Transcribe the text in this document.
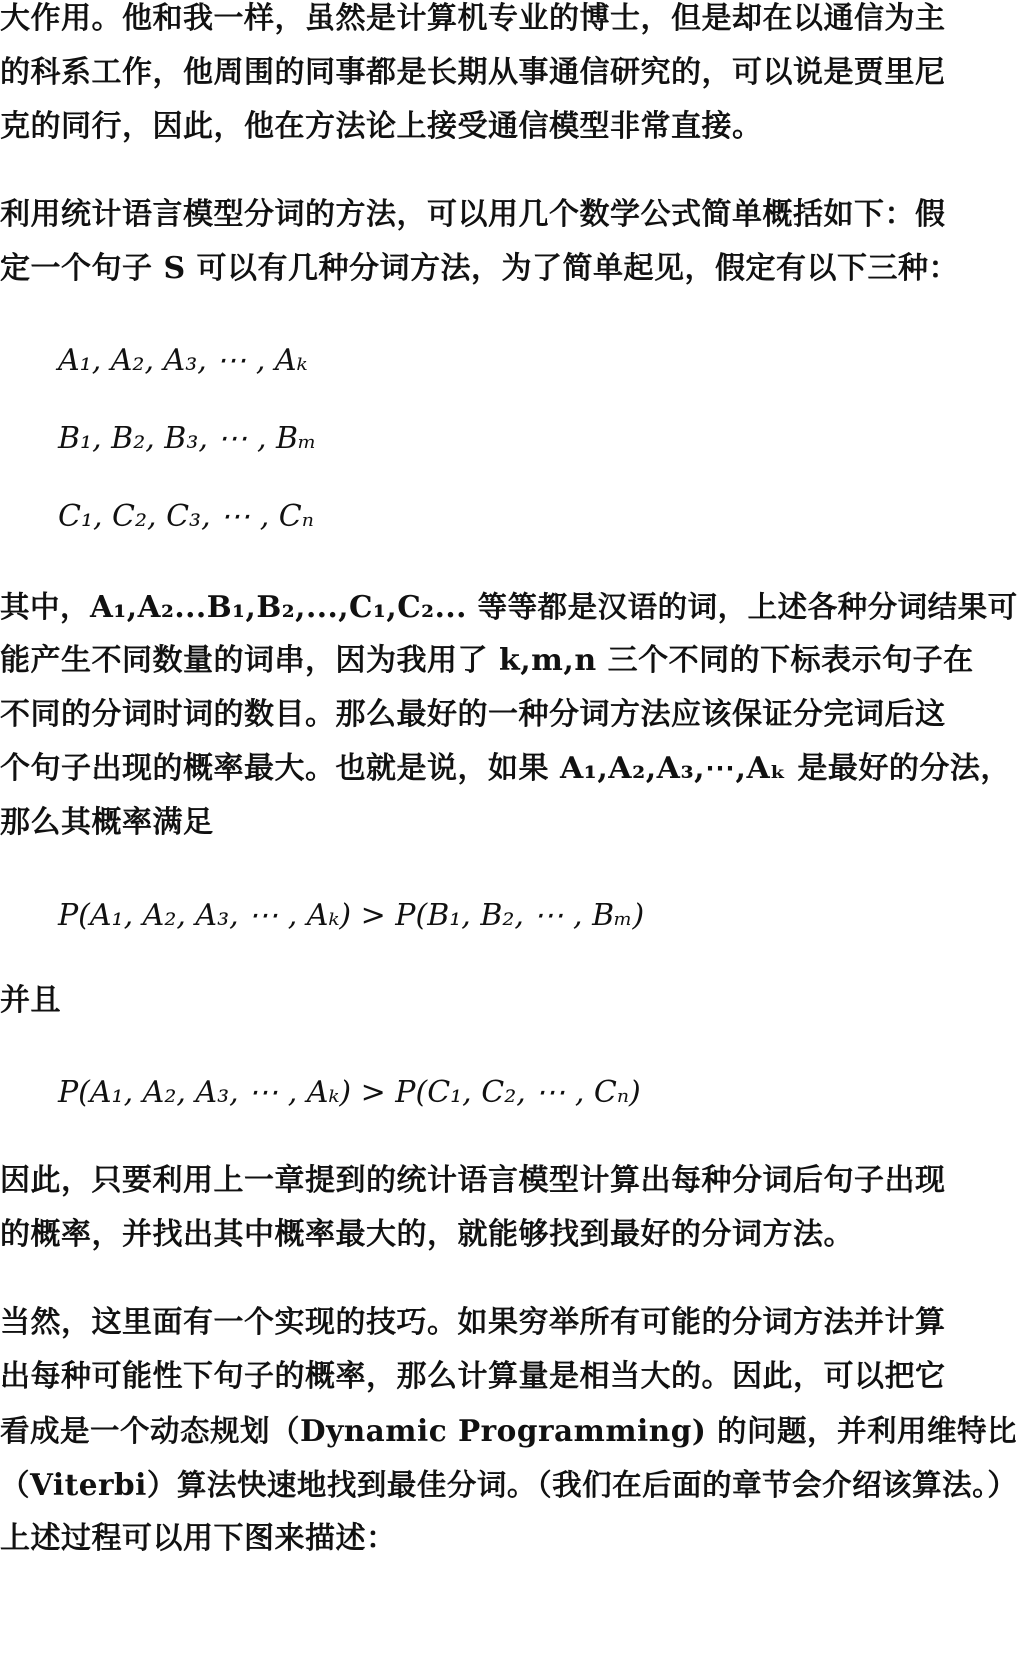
大作用。他和我一样，虽然是计算机专业的博士，但是却在以通信为主

的科系工作，他周围的同事都是长期从事通信研究的，可以说是贾里尼

克的同行，因此，他在方法论上接受通信模型非常直接。

利用统计语言模型分词的方法，可以用几个数学公式简单概括如下：假

定一个句子 S 可以有几种分词方法，为了简单起见，假定有以下三种：

A₁, A₂, A₃, ⋯ , Aₖ
B₁, B₂, B₃, ⋯ , Bₘ
C₁, C₂, C₃, ⋯ , Cₙ

其中，A₁,A₂...B₁,B₂,...,C₁,C₂... 等等都是汉语的词，上述各种分词结果可

能产生不同数量的词串，因为我用了 k,m,n 三个不同的下标表示句子在

不同的分词时词的数目。那么最好的一种分词方法应该保证分完词后这

个句子出现的概率最大。也就是说，如果 A₁,A₂,A₃,⋯,Aₖ 是最好的分法，

那么其概率满足

P(A₁, A₂, A₃, ⋯ , Aₖ) > P(B₁, B₂, ⋯ , Bₘ)

并且

P(A₁, A₂, A₃, ⋯ , Aₖ) > P(C₁, C₂, ⋯ , Cₙ)

因此，只要利用上一章提到的统计语言模型计算出每种分词后句子出现

的概率，并找出其中概率最大的，就能够找到最好的分词方法。

当然，这里面有一个实现的技巧。如果穷举所有可能的分词方法并计算

出每种可能性下句子的概率，那么计算量是相当大的。因此，可以把它

看成是一个动态规划（Dynamic Programming) 的问题，并利用维特比

（Viterbi）算法快速地找到最佳分词。（我们在后面的章节会介绍该算法。）

上述过程可以用下图来描述：
